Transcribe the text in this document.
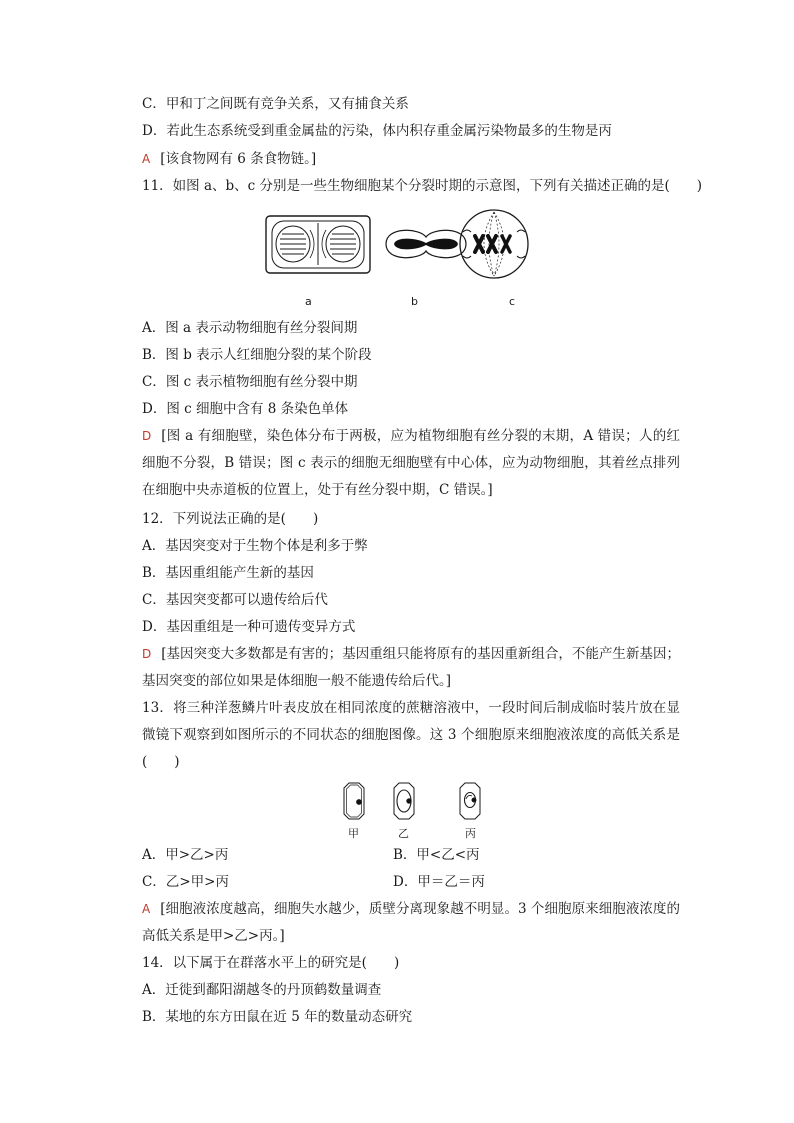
C．甲和丁之间既有竞争关系，又有捕食关系
D．若此生态系统受到重金属盐的污染，体内积存重金属污染物最多的生物是丙
A [该食物网有 6 条食物链。]
11．如图 a、b、c 分别是一些生物细胞某个分裂时期的示意图，下列有关描述正确的是(　　)
a	b	c
A．图 a 表示动物细胞有丝分裂间期
B．图 b 表示人红细胞分裂的某个阶段
C．图 c 表示植物细胞有丝分裂中期
D．图 c 细胞中含有 8 条染色单体
D [图 a 有细胞壁，染色体分布于两极，应为植物细胞有丝分裂的末期，A 错误；人的红细胞不分裂，B 错误；图 c 表示的细胞无细胞壁有中心体，应为动物细胞，其着丝点排列在细胞中央赤道板的位置上，处于有丝分裂中期，C 错误。]
12．下列说法正确的是(　　)
A．基因突变对于生物个体是利多于弊
B．基因重组能产生新的基因
C．基因突变都可以遗传给后代
D．基因重组是一种可遗传变异方式
D [基因突变大多数都是有害的；基因重组只能将原有的基因重新组合，不能产生新基因；基因突变的部位如果是体细胞一般不能遗传给后代。]
13．将三种洋葱鳞片叶表皮放在相同浓度的蔗糖溶液中，一段时间后制成临时装片放在显微镜下观察到如图所示的不同状态的细胞图像。这 3 个细胞原来细胞液浓度的高低关系是(　　)
甲	乙	丙
A．甲>乙>丙	B．甲<乙<丙
C．乙>甲>丙	D．甲＝乙＝丙
A [细胞液浓度越高，细胞失水越少，质壁分离现象越不明显。3 个细胞原来细胞液浓度的高低关系是甲>乙>丙。]
14．以下属于在群落水平上的研究是(　　)
A．迁徙到鄱阳湖越冬的丹顶鹤数量调查
B．某地的东方田鼠在近 5 年的数量动态研究
